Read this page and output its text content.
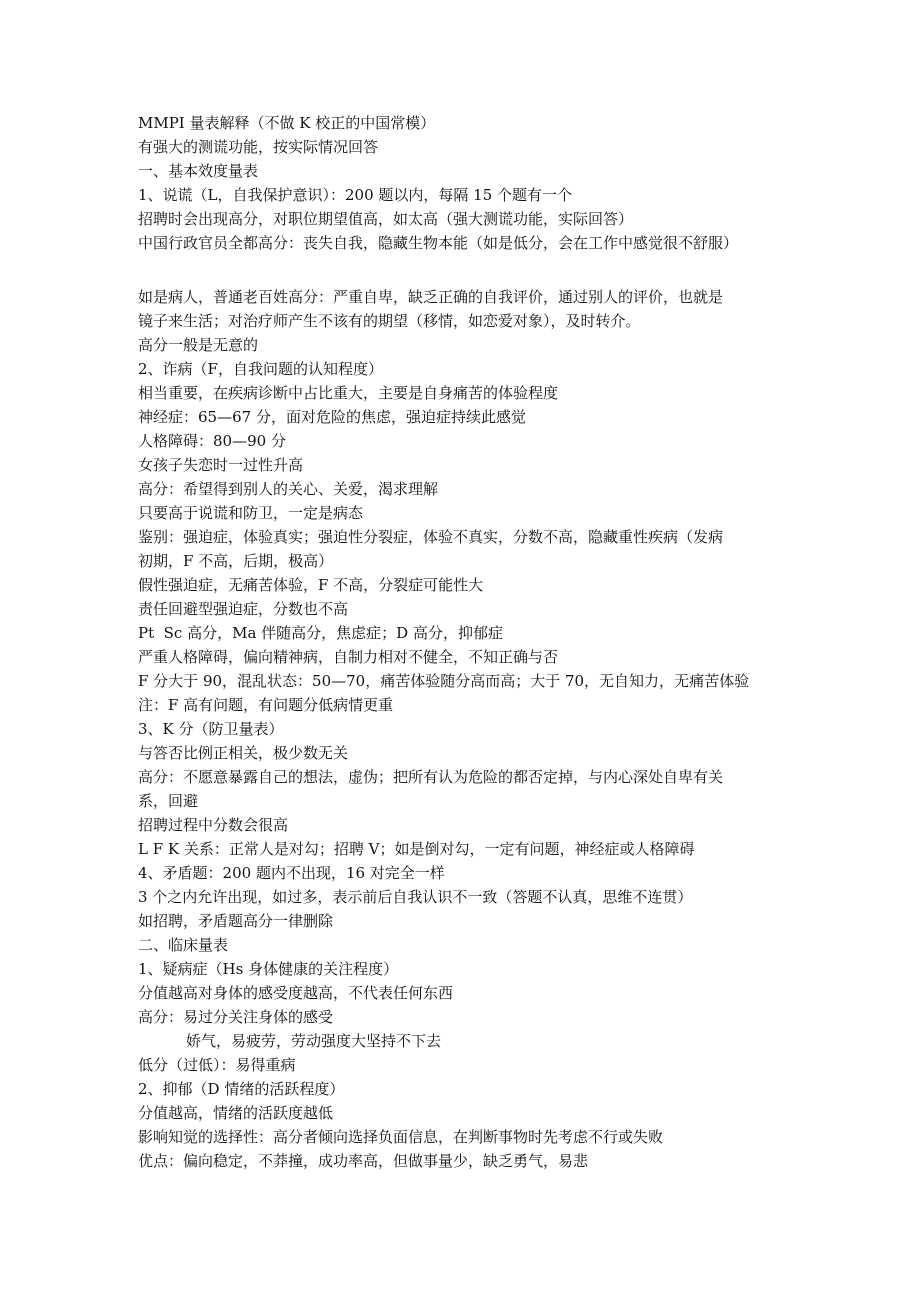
MMPI 量表解释（不做 K 校正的中国常模）
有强大的测谎功能，按实际情况回答
一、基本效度量表
1、说谎（L，自我保护意识）：200 题以内，每隔 15 个题有一个
招聘时会出现高分，对职位期望值高，如太高（强大测谎功能，实际回答）
中国行政官员全都高分：丧失自我，隐藏生物本能（如是低分，会在工作中感觉很不舒服）
如是病人，普通老百姓高分：严重自卑，缺乏正确的自我评价，通过别人的评价，也就是
镜子来生活；对治疗师产生不该有的期望（移情，如恋爱对象），及时转介。
高分一般是无意的
2、诈病（F，自我问题的认知程度）
相当重要，在疾病诊断中占比重大，主要是自身痛苦的体验程度
神经症：65—67 分，面对危险的焦虑，强迫症持续此感觉
人格障碍：80—90 分
女孩子失恋时一过性升高
高分：希望得到别人的关心、关爱，渴求理解
只要高于说谎和防卫，一定是病态
鉴别：强迫症，体验真实；强迫性分裂症，体验不真实，分数不高，隐藏重性疾病（发病
初期，F 不高，后期，极高）
假性强迫症，无痛苦体验，F 不高，分裂症可能性大
责任回避型强迫症，分数也不高
Pt  Sc 高分，Ma 伴随高分，焦虑症；D 高分，抑郁症
严重人格障碍，偏向精神病，自制力相对不健全，不知正确与否
F 分大于 90，混乱状态：50—70，痛苦体验随分高而高；大于 70，无自知力，无痛苦体验
注：F 高有问题，有问题分低病情更重
3、K 分（防卫量表）
与答否比例正相关，极少数无关
高分：不愿意暴露自己的想法，虚伪；把所有认为危险的都否定掉，与内心深处自卑有关
系，回避
招聘过程中分数会很高
L F K 关系：正常人是对勾；招聘 V；如是倒对勾，一定有问题，神经症或人格障碍
4、矛盾题：200 题内不出现，16 对完全一样
3 个之内允许出现，如过多，表示前后自我认识不一致（答题不认真，思维不连贯）
如招聘，矛盾题高分一律删除
二、临床量表
1、疑病症（Hs 身体健康的关注程度）
分值越高对身体的感受度越高，不代表任何东西
高分：易过分关注身体的感受
娇气，易疲劳，劳动强度大坚持不下去
低分（过低）：易得重病
2、抑郁（D 情绪的活跃程度）
分值越高，情绪的活跃度越低
影响知觉的选择性：高分者倾向选择负面信息，在判断事物时先考虑不行或失败
优点：偏向稳定，不莽撞，成功率高，但做事量少，缺乏勇气，易悲
